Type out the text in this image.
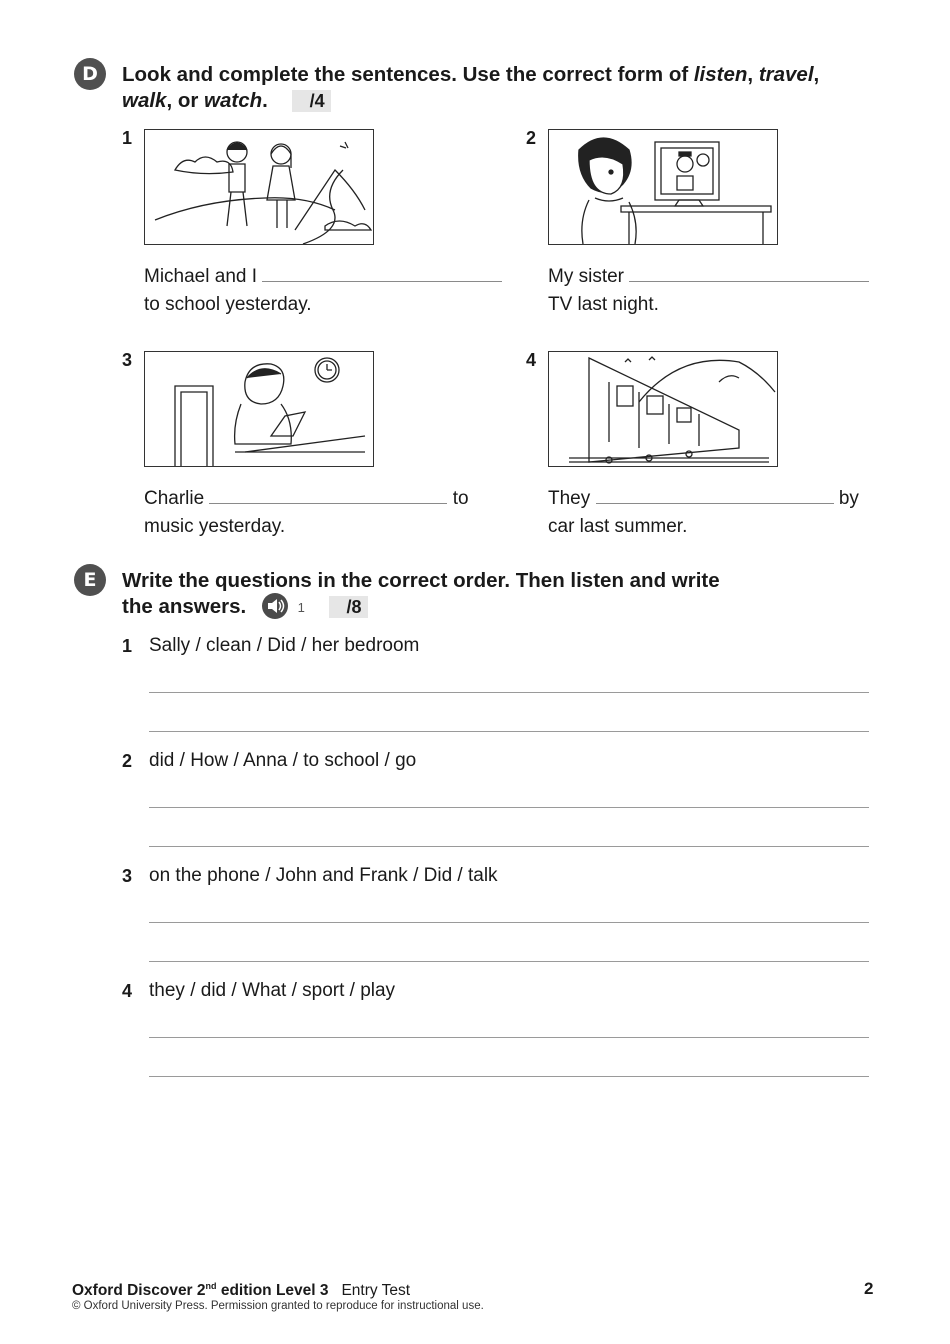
D Look and complete the sentences. Use the correct form of listen, travel,
walk, or watch. /4
1
Michael and I
to school yesterday.
2
My sister
TV last night.
3
Charlie	to
music yesterday.
4
They	by
car last summer.
E Write the questions in the correct order. Then listen and write
the answers.	1 /8
1 Sally / clean / Did / her bedroom
2 did / How / Anna / to school / go
3 on the phone / John and Frank / Did / talk
4 they / did / What / sport / play
Oxford Discover 2nd edition Level 3 Entry Test
© Oxford University Press. Permission granted to reproduce for instructional use.
2
